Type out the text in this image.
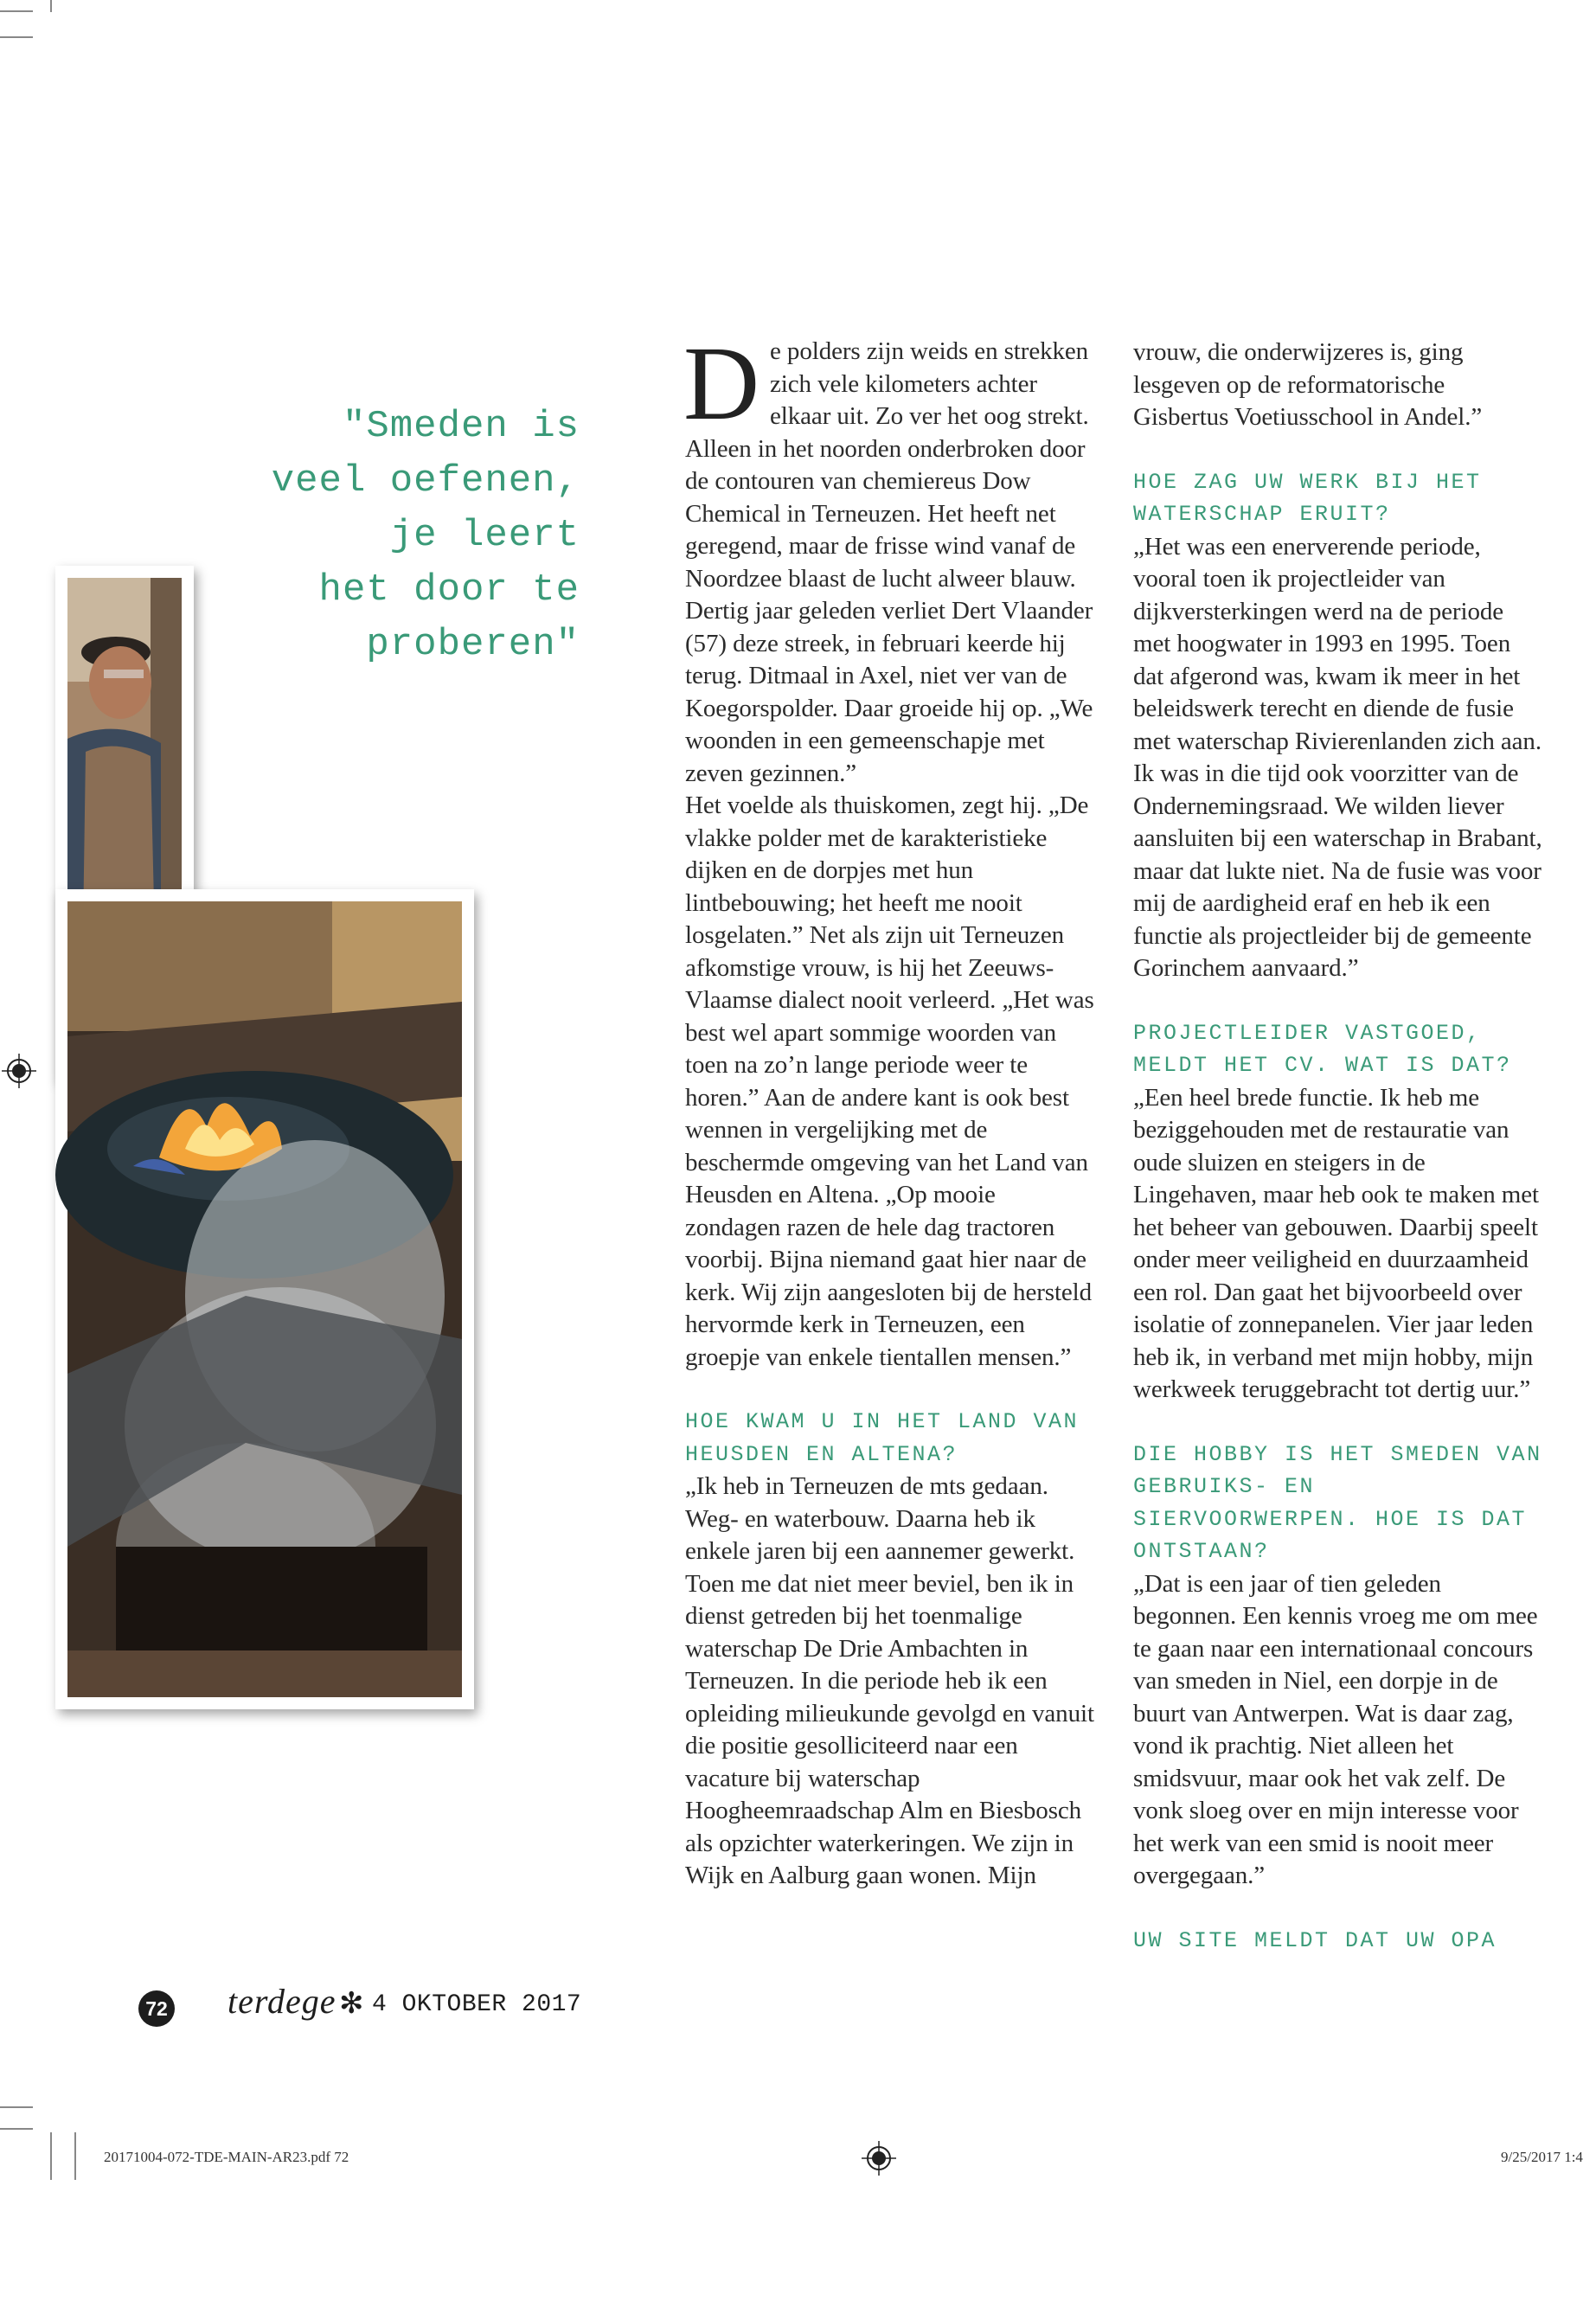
"Smeden is
veel oefenen,
je leert
het door te
proberen"

De polders zijn weids en strekken zich vele kilometers achter elkaar uit. Zo ver het oog strekt. Alleen in het noorden onderbroken door de contouren van chemiereus Dow Chemical in Terneuzen. Het heeft net geregend, maar de frisse wind vanaf de Noordzee blaast de lucht alweer blauw. Dertig jaar geleden verliet Dert Vlaander (57) deze streek, in februari keerde hij terug. Ditmaal in Axel, niet ver van de Koegorspolder. Daar groeide hij op. „We woonden in een gemeenschapje met zeven gezinnen.”

Het voelde als thuiskomen, zegt hij. „De vlakke polder met de karakteristieke dijken en de dorpjes met hun lintbebouwing; het heeft me nooit losgelaten.” Net als zijn uit Terneuzen afkomstige vrouw, is hij het Zeeuws-Vlaamse dialect nooit verleerd. „Het was best wel apart sommige woorden van toen na zo’n lange periode weer te horen.” Aan de andere kant is ook best wennen in vergelijking met de beschermde omgeving van het Land van Heusden en Altena. „Op mooie zondagen razen de hele dag tractoren voorbij. Bijna niemand gaat hier naar de kerk. Wij zijn aangesloten bij de hersteld hervormde kerk in Terneuzen, een groepje van enkele tientallen mensen.”

HOE KWAM U IN HET LAND VAN HEUSDEN EN ALTENA?

„Ik heb in Terneuzen de mts gedaan. Weg- en waterbouw. Daarna heb ik enkele jaren bij een aannemer gewerkt. Toen me dat niet meer beviel, ben ik in dienst getreden bij het toenmalige waterschap De Drie Ambachten in Terneuzen. In die periode heb ik een opleiding milieukunde gevolgd en vanuit die positie gesolliciteerd naar een vacature bij waterschap Hoogheemraadschap Alm en Biesbosch als opzichter waterkeringen. We zijn in Wijk en Aalburg gaan wonen. Mijn

vrouw, die onderwijzeres is, ging lesgeven op de reformatorische Gisbertus Voetiusschool in Andel.”

HOE ZAG UW WERK BIJ HET WATERSCHAP ERUIT?

„Het was een enerverende periode, vooral toen ik projectleider van dijkversterkingen werd na de periode met hoogwater in 1993 en 1995. Toen dat afgerond was, kwam ik meer in het beleidswerk terecht en diende de fusie met waterschap Rivierenlanden zich aan. Ik was in die tijd ook voorzitter van de Ondernemingsraad. We wilden liever aansluiten bij een waterschap in Brabant, maar dat lukte niet. Na de fusie was voor mij de aardigheid eraf en heb ik een functie als projectleider bij de gemeente Gorinchem aanvaard.”

PROJECTLEIDER VASTGOED, MELDT HET CV. WAT IS DAT?

„Een heel brede functie. Ik heb me beziggehouden met de restauratie van oude sluizen en steigers in de Lingehaven, maar heb ook te maken met het beheer van gebouwen. Daarbij speelt onder meer veiligheid en duurzaamheid een rol. Dan gaat het bijvoorbeeld over isolatie of zonnepanelen. Vier jaar leden heb ik, in verband met mijn hobby, mijn werkweek teruggebracht tot dertig uur.”

DIE HOBBY IS HET SMEDEN VAN GEBRUIKS- EN SIERVOORWERPEN. HOE IS DAT ONTSTAAN?

„Dat is een jaar of tien geleden begonnen. Een kennis vroeg me om mee te gaan naar een internationaal concours van smeden in Niel, een dorpje in de buurt van Antwerpen. Wat is daar zag, vond ik prachtig. Niet alleen het smidsvuur, maar ook het vak zelf. De vonk sloeg over en mijn interesse voor het werk van een smid is nooit meer overgegaan.”

UW SITE MELDT DAT UW OPA

72 terdege ✻ 4 OKTOBER 2017
20171004-072-TDE-MAIN-AR23.pdf 72	9/25/2017 1:4
